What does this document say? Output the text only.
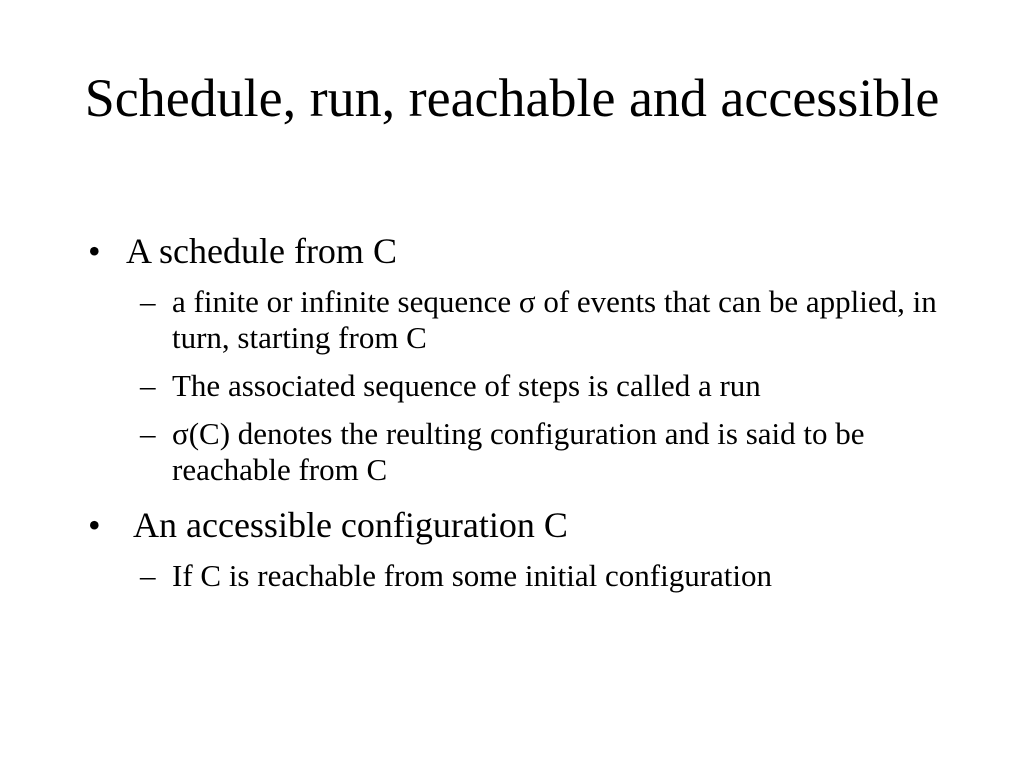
Schedule, run, reachable and accessible
• A schedule from C
– a finite or infinite sequence σ of events that can be applied, in turn, starting from C
– The associated sequence of steps is called a run
– σ(C) denotes the reulting configuration and is said to be reachable from C
• An accessible configuration C
– If C is reachable from some initial configuration
